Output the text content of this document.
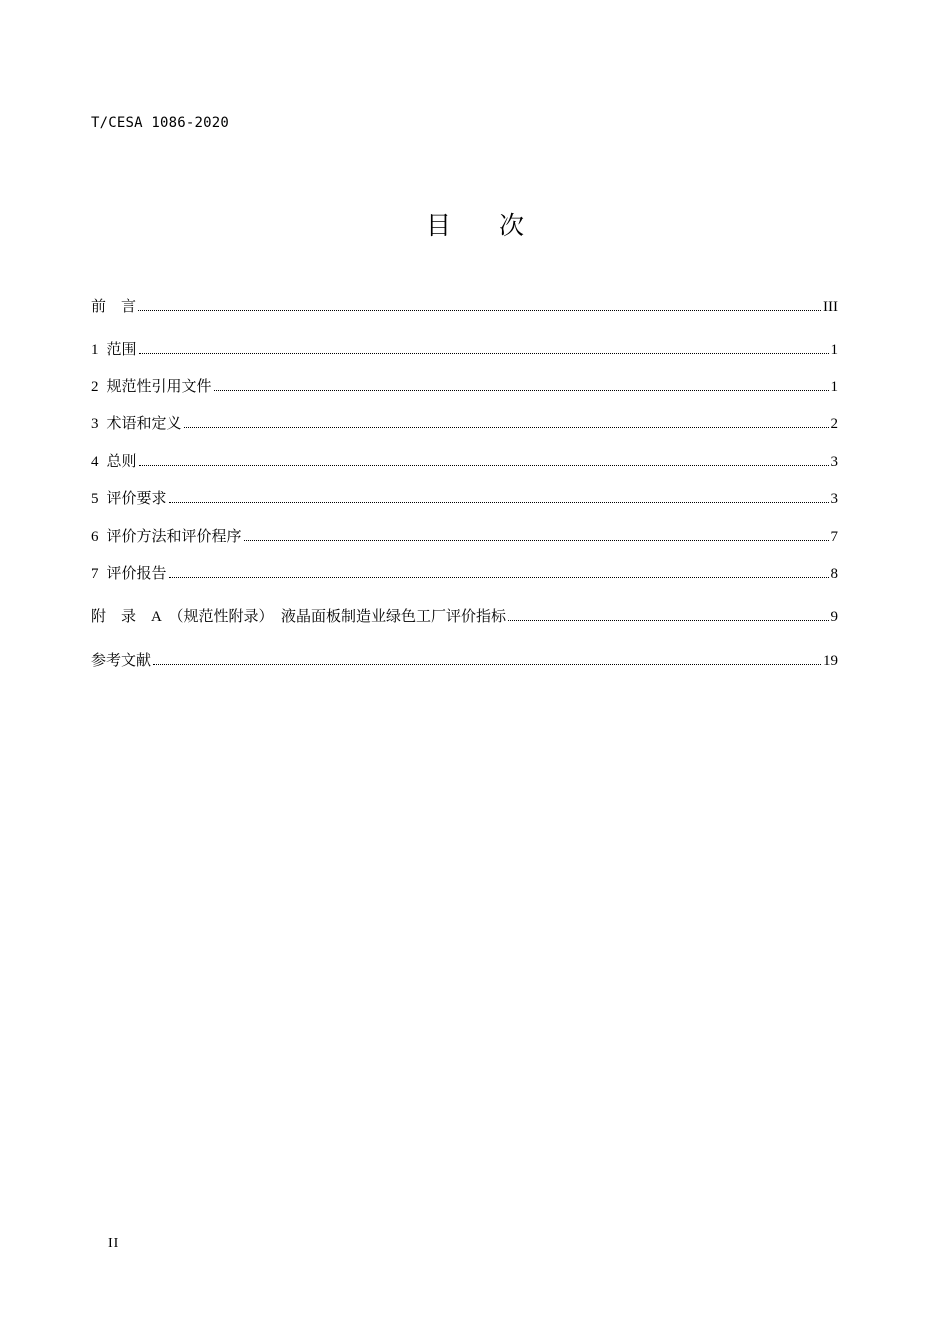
T/CESA 1086-2020
目 次
前　言	III
1 范围	1
2 规范性引用文件	1
3 术语和定义	2
4 总则	3
5 评价要求	3
6 评价方法和评价程序	7
7 评价报告	8
附　录　A　（规范性附录）　液晶面板制造业绿色工厂评价指标	9
参考文献	19
II
